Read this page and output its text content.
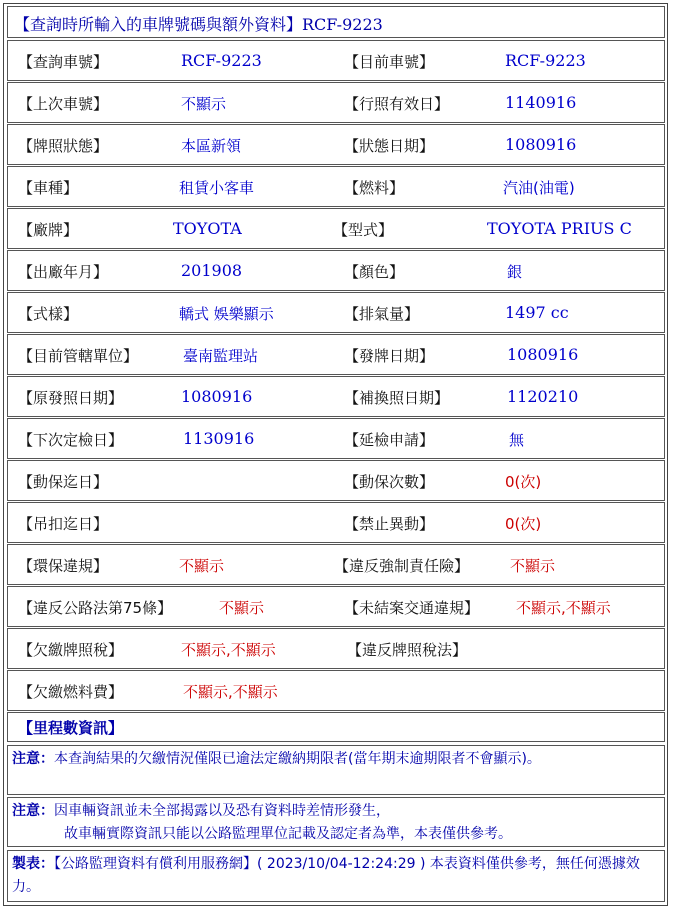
【查詢時所輸入的車牌號碼與額外資料】RCF-9223
【查詢車號】	RCF-9223	【目前車號】	RCF-9223
【上次車號】	不顯示	【行照有效日】	1140916
【牌照狀態】	本區新領	【狀態日期】	1080916
【車種】	租賃小客車	【燃料】	汽油(油電)
【廠牌】	TOYOTA	【型式】	TOYOTA PRIUS C
【出廠年月】	201908	【顏色】	銀
【式樣】	轎式 娛樂顯示	【排氣量】	1497 cc
【目前管轄單位】	臺南監理站	【發牌日期】	1080916
【原發照日期】	1080916	【補換照日期】	1120210
【下次定檢日】	1130916	【延檢申請】	無
【動保迄日】	【動保次數】	0(次)
【吊扣迄日】	【禁止異動】	0(次)
【環保違規】	不顯示	【違反強制責任險】	不顯示
【違反公路法第75條】	不顯示	【未結案交通違規】 不顯示,不顯示
【欠繳牌照稅】	不顯示,不顯示	【違反牌照稅法】
【欠繳燃料費】	不顯示,不顯示
【里程數資訊】
注意：本查詢結果的欠繳情況僅限已逾法定繳納期限者(當年期末逾期限者不會顯示)。
注意：因車輛資訊並未全部揭露以及恐有資料時差情形發生，
故車輛實際資訊只能以公路監理單位記載及認定者為準，本表僅供參考。
製表：【公路監理資料有償利用服務網】( 2023/10/04-12:24:29 ) 本表資料僅供參考，無任何憑據效力。
